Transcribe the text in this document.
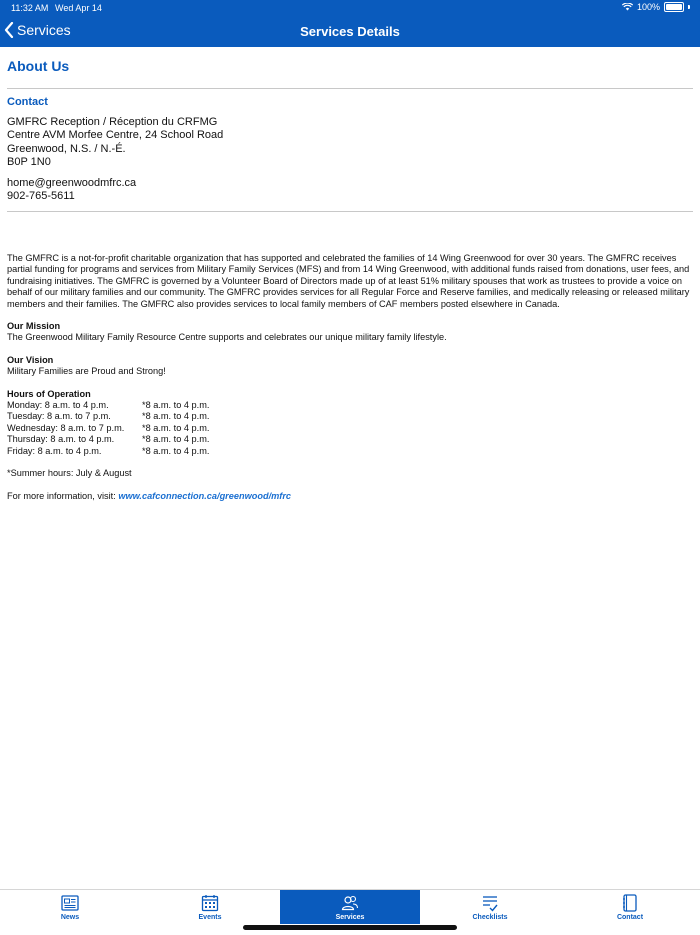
11:32 AM Wed Apr 14	100%
Services	Services Details
About Us
Contact
GMFRC Reception / Réception du CRFMG
Centre AVM Morfee Centre, 24 School Road
Greenwood, N.S. / N.-É.
B0P 1N0
home@greenwoodmfrc.ca
902-765-5611

The GMFRC is a not-for-profit charitable organization that has supported and celebrated the families of 14 Wing Greenwood for over 30 years. The GMFRC receives partial funding for programs and services from Military Family Services (MFS) and from 14 Wing Greenwood, with additional funds raised from donations, user fees, and fundraising initiatives. The GMFRC is governed by a Volunteer Board of Directors made up of at least 51% military spouses that work as trustees to provide a voice on behalf of our military families and our community. The GMFRC provides services for all Regular Force and Reserve families, and medically releasing or released military members and their families. The GMFRC also provides services to local family members of CAF members posted elsewhere in Canada.

Our Mission

The Greenwood Military Family Resource Centre supports and celebrates our unique military family lifestyle.

Our Vision

Military Families are Proud and Strong!

Hours of Operation

Monday: 8 a.m. to 4 p.m.	*8 a.m. to 4 p.m.
Tuesday: 8 a.m. to 7 p.m.	*8 a.m. to 4 p.m.
Wednesday: 8 a.m. to 7 p.m.	*8 a.m. to 4 p.m.
Thursday: 8 a.m. to 4 p.m.	*8 a.m. to 4 p.m.
Friday: 8 a.m. to 4 p.m.	*8 a.m. to 4 p.m.

*Summer hours: July & August

For more information, visit: www.cafconnection.ca/greenwood/mfrc

News	Events	Services	Checklists	Contact
